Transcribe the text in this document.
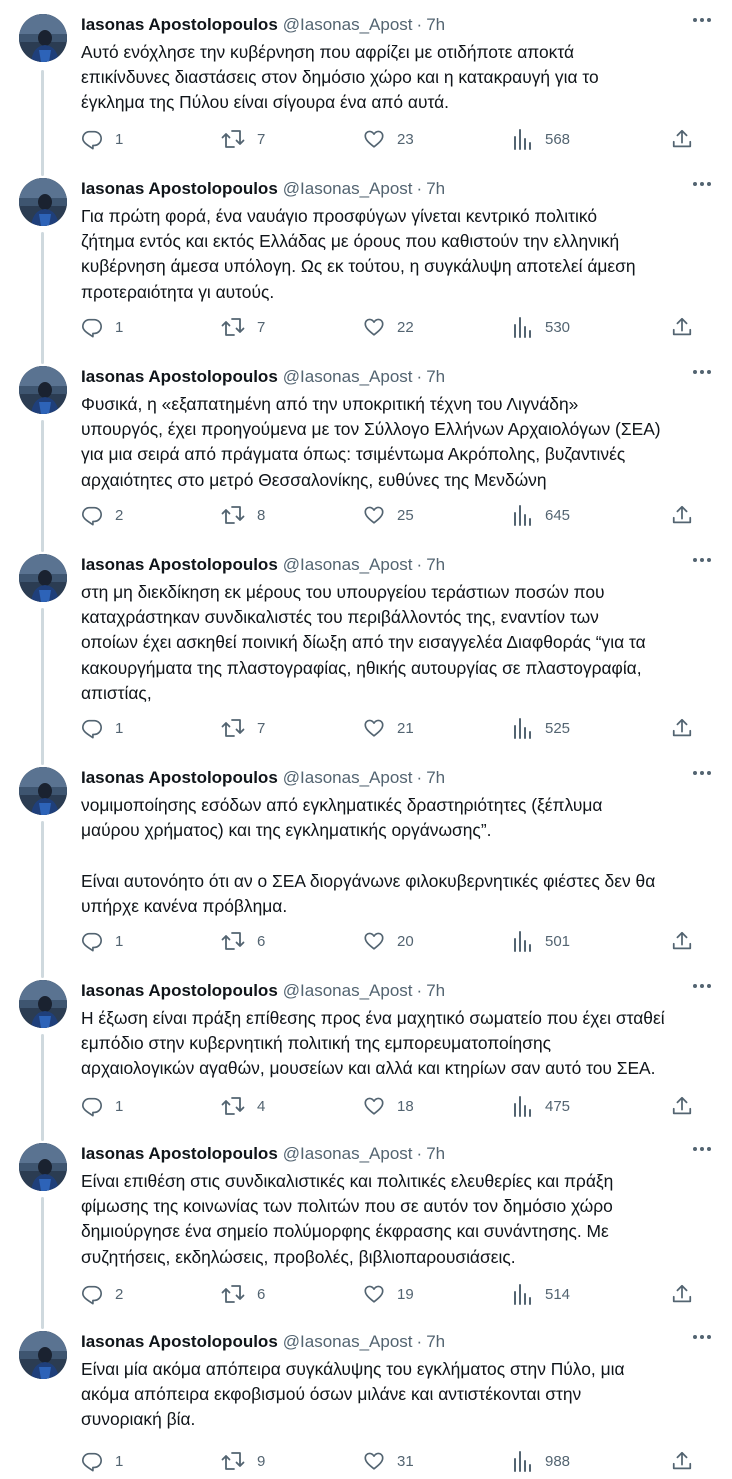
Iasonas Apostolopoulos @Iasonas_Apost · 7h
Αυτό ενόχλησε την κυβέρνηση που αφρίζει με οτιδήποτε αποκτά
επικίνδυνες διαστάσεις στον δημόσιο χώρο και η κατακραυγή για το
έγκλημα της Πύλου είναι σίγουρα ένα από αυτά.
1	7	23	568
Iasonas Apostolopoulos @Iasonas_Apost · 7h
Για πρώτη φορά, ένα ναυάγιο προσφύγων γίνεται κεντρικό πολιτικό
ζήτημα εντός και εκτός Ελλάδας με όρους που καθιστούν την ελληνική
κυβέρνηση άμεσα υπόλογη. Ως εκ τούτου, η συγκάλυψη αποτελεί άμεση
προτεραιότητα γι αυτούς.
1	7	22	530
Iasonas Apostolopoulos @Iasonas_Apost · 7h
Φυσικά, η «εξαπατημένη από την υποκριτική τέχνη του Λιγνάδη»
υπουργός, έχει προηγούμενα με τον Σύλλογο Ελλήνων Αρχαιολόγων (ΣΕΑ)
για μια σειρά από πράγματα όπως: τσιμέντωμα Ακρόπολης, βυζαντινές
αρχαιότητες στο μετρό Θεσσαλονίκης, ευθύνες της Μενδώνη
2	8	25	645
Iasonas Apostolopoulos @Iasonas_Apost · 7h
στη μη διεκδίκηση εκ μέρους του υπουργείου τεράστιων ποσών που
καταχράστηκαν συνδικαλιστές του περιβάλλοντός της, εναντίον των
οποίων έχει ασκηθεί ποινική δίωξη από την εισαγγελέα Διαφθοράς “για τα
κακουργήματα της πλαστογραφίας, ηθικής αυτουργίας σε πλαστογραφία,
απιστίας,
1	7	21	525
Iasonas Apostolopoulos @Iasonas_Apost · 7h
νομιμοποίησης εσόδων από εγκληματικές δραστηριότητες (ξέπλυμα
μαύρου χρήματος) και της εγκληματικής οργάνωσης”.

Είναι αυτονόητο ότι αν ο ΣΕΑ διοργάνωνε φιλοκυβερνητικές φιέστες δεν θα
υπήρχε κανένα πρόβλημα.
1	6	20	501
Iasonas Apostolopoulos @Iasonas_Apost · 7h
Η έξωση είναι πράξη επίθεσης προς ένα μαχητικό σωματείο που έχει σταθεί
εμπόδιο στην κυβερνητική πολιτική της εμπορευματοποίησης
αρχαιολογικών αγαθών, μουσείων και αλλά και κτηρίων σαν αυτό του ΣΕΑ.
1	4	18	475
Iasonas Apostolopoulos @Iasonas_Apost · 7h
Είναι επιθέση στις συνδικαλιστικές και πολιτικές ελευθερίες και πράξη
φίμωσης της κοινωνίας των πολιτών που σε αυτόν τον δημόσιο χώρο
δημιούργησε ένα σημείο πολύμορφης έκφρασης και συνάντησης. Με
συζητήσεις, εκδηλώσεις, προβολές, βιβλιοπαρουσιάσεις.
2	6	19	514
Iasonas Apostolopoulos @Iasonas_Apost · 7h
Είναι μία ακόμα απόπειρα συγκάλυψης του εγκλήματος στην Πύλο, μια
ακόμα απόπειρα εκφοβισμού όσων μιλάνε και αντιστέκονται στην
συνοριακή βία.
1	9	31	988
